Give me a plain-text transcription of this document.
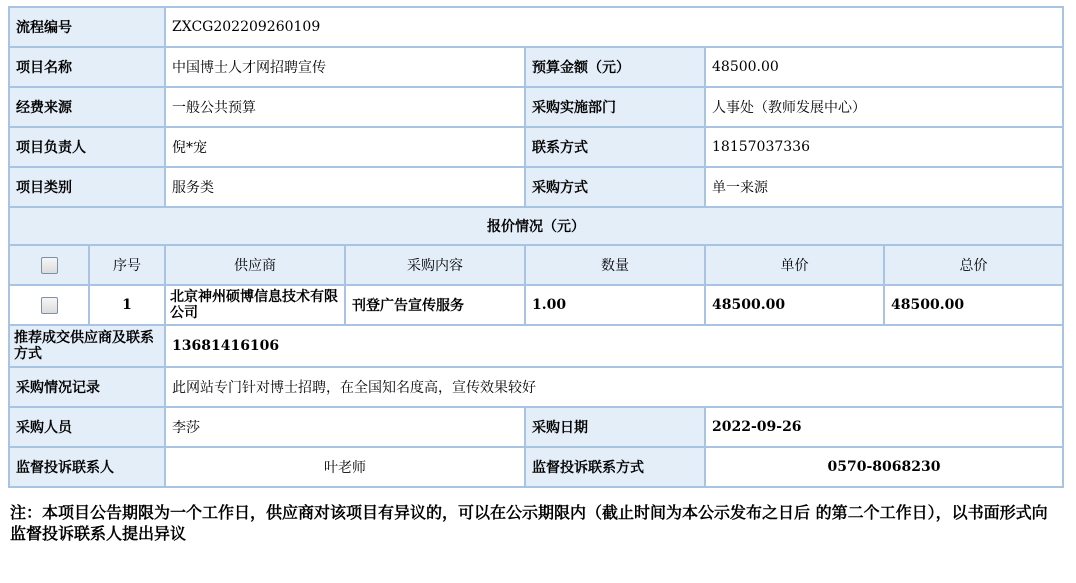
流程编号		ZXCG202209260109				
项目名称		中国博士人才网招聘宣传		预算金额（元）	48500.00	
经费来源		一般公共预算		采购实施部门	人事处（教师发展中心）	
项目负责人		倪*宠		联系方式	18157037336	
项目类别		服务类		采购方式	单一来源	
报价情况（元）						
	序号	供应商	采购内容	数量	单价	总价
	1	北京神州硕博信息技术有限公司	刊登广告宣传服务	1.00	48500.00	48500.00
推荐成交供应商及联系方式		13681416106				
采购情况记录		此网站专门针对博士招聘，在全国知名度高，宣传效果较好				
采购人员		李莎		采购日期	2022-09-26	
监督投诉联系人		叶老师		监督投诉联系方式	0570-8068230	
注：本项目公告期限为一个工作日，供应商对该项目有异议的，可以在公示期限内（截止时间为本公示发布之日后 的第二个工作日），以书面形式向监督投诉联系人提出异议
